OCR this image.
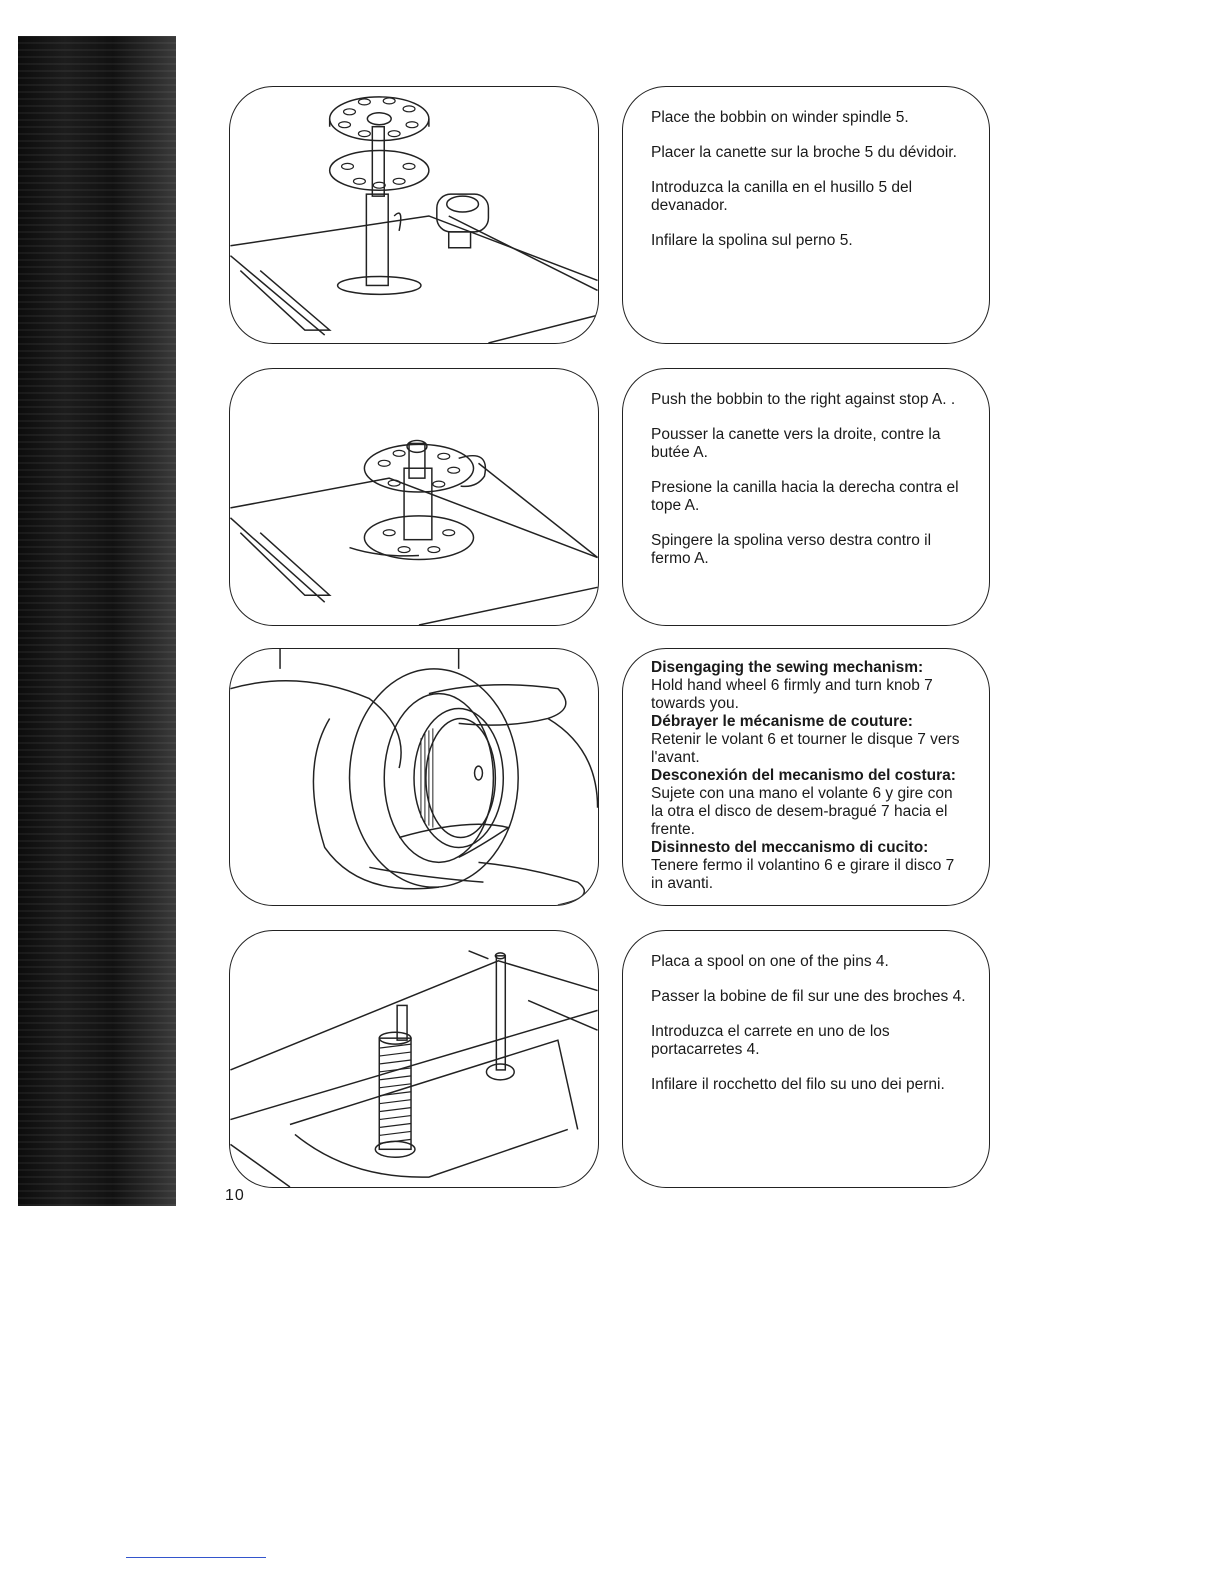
Place the bobbin on winder spindle 5.

Placer la canette sur la broche 5 du dévidoir.

Introduzca la canilla en el husillo 5 del devanador.

Infilare la spolina sul perno 5.

Push the bobbin to the right against stop A. .

Pousser la canette vers la droite, contre la butée A.

Presione la canilla hacia la derecha contra el tope A.

Spingere la spolina verso destra contro il fermo A.

Disengaging the sewing mechanism:
Hold hand wheel 6 firmly and turn knob 7 towards you.

Débrayer le mécanisme de couture:
Retenir le volant 6 et tourner le disque 7 vers l'avant.

Desconexión del mecanismo del costura: Sujete con una mano el volante 6 y gire con la otra el disco de desem-bragué 7 hacia el frente.

Disinnesto del meccanismo di cucito:
Tenere fermo il volantino 6 e girare il disco 7 in avanti.

Placa a spool on one of the pins 4.

Passer la bobine de fil sur une des broches 4.

Introduzca el carrete en uno de los portacarretes 4.

Infilare il rocchetto del filo su uno dei perni.

10
